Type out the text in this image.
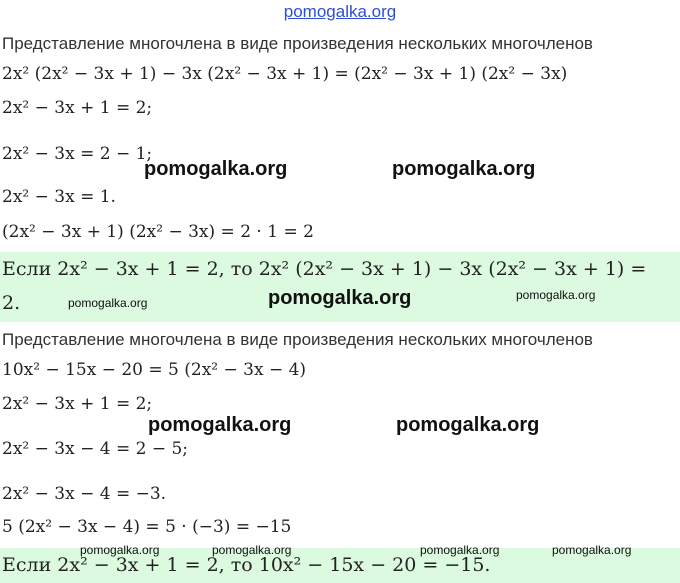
pomogalka.org
Представление многочлена в виде произведения нескольких многочленов
2x² (2x² − 3x + 1) − 3x (2x² − 3x + 1) = (2x² − 3x + 1) (2x² − 3x)
2x² − 3x + 1 = 2;
2x² − 3x = 2 − 1;
2x² − 3x = 1.
(2x² − 3x + 1) (2x² − 3x) = 2 · 1 = 2
Если 2x² − 3x + 1 = 2, то 2x² (2x² − 3x + 1) − 3x (2x² − 3x + 1) =
2.
Представление многочлена в виде произведения нескольких многочленов
10x² − 15x − 20 = 5 (2x² − 3x − 4)
2x² − 3x + 1 = 2;
2x² − 3x − 4 = 2 − 5;
2x² − 3x − 4 = −3.
5 (2x² − 3x − 4) = 5 · (−3) = −15
Если 2x² − 3x + 1 = 2, то 10x² − 15x − 20 = −15.
pomogalka.org	pomogalka.org
pomogalka.org	pomogalka.org	pomogalka.org
pomogalka.org	pomogalka.org
pomogalka.org	pomogalka.org	pomogalka.org	pomogalka.org
